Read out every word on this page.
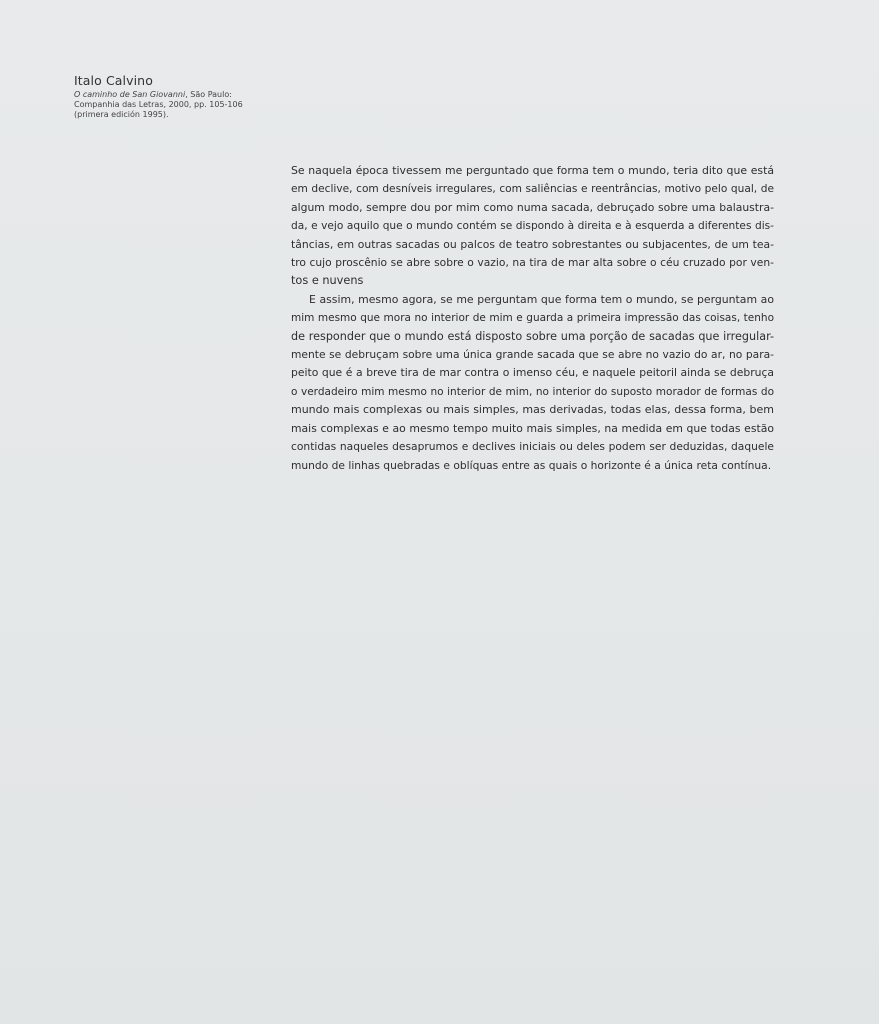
Italo Calvino
O caminho de San Giovanni, São Paulo:
Companhia das Letras, 2000, pp. 105-106
(primera edición 1995).
Se naquela época tivessem me perguntado que forma tem o mundo, teria dito que está
em declive, com desníveis irregulares, com saliências e reentrâncias, motivo pelo qual, de
algum modo, sempre dou por mim como numa sacada, debruçado sobre uma balaustra-
da, e vejo aquilo que o mundo contém se dispondo à direita e à esquerda a diferentes dis-
tâncias, em outras sacadas ou palcos de teatro sobrestantes ou subjacentes, de um tea-
tro cujo proscênio se abre sobre o vazio, na tira de mar alta sobre o céu cruzado por ven-
tos e nuvens
E assim, mesmo agora, se me perguntam que forma tem o mundo, se perguntam ao
mim mesmo que mora no interior de mim e guarda a primeira impressão das coisas, tenho
de responder que o mundo está disposto sobre uma porção de sacadas que irregular-
mente se debruçam sobre uma única grande sacada que se abre no vazio do ar, no para-
peito que é a breve tira de mar contra o imenso céu, e naquele peitoril ainda se debruça
o verdadeiro mim mesmo no interior de mim, no interior do suposto morador de formas do
mundo mais complexas ou mais simples, mas derivadas, todas elas, dessa forma, bem
mais complexas e ao mesmo tempo muito mais simples, na medida em que todas estão
contidas naqueles desaprumos e declives iniciais ou deles podem ser deduzidas, daquele
mundo de linhas quebradas e oblíquas entre as quais o horizonte é a única reta contínua.
